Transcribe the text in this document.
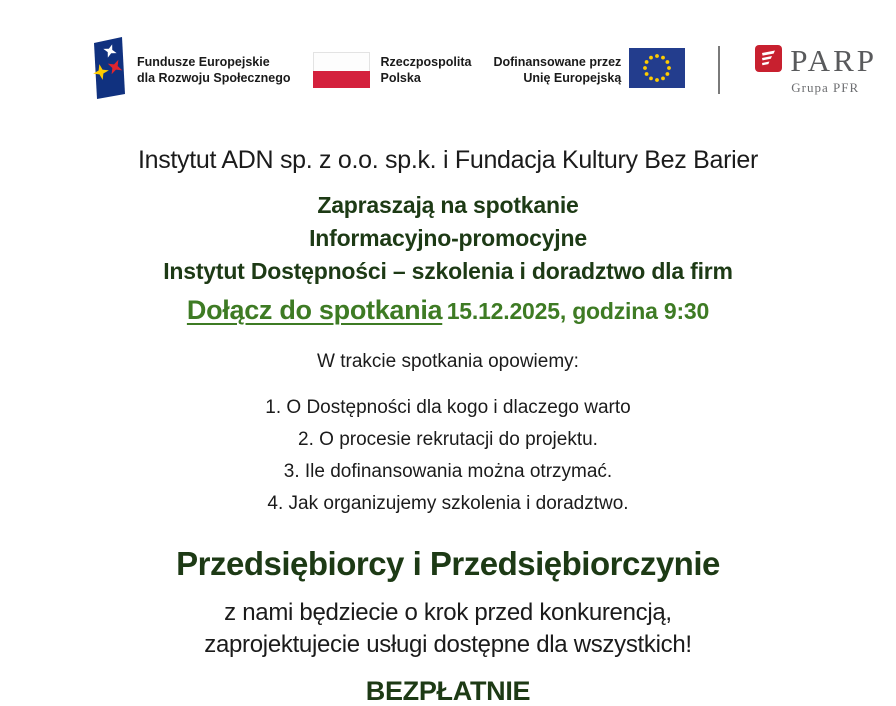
Fundusze Europejskie
dla Rozwoju Społecznego
Rzeczpospolita
Polska
Dofinansowane przez
Unię Europejską	PARP
Grupa PFR
Instytut ADN sp. z o.o. sp.k. i Fundacja Kultury Bez Barier
Zapraszają na spotkanie
Informacyjno-promocyjne
Instytut Dostępności – szkolenia i doradztwo dla firm
Dołącz do spotkania 15.12.2025, godzina 9:30
W trakcie spotkania opowiemy:
1. O Dostępności dla kogo i dlaczego warto
2. O procesie rekrutacji do projektu.
3. Ile dofinansowania można otrzymać.
4. Jak organizujemy szkolenia i doradztwo.
Przedsiębiorcy i Przedsiębiorczynie
z nami będziecie o krok przed konkurencją,
zaprojektujecie usługi dostępne dla wszystkich!
BEZPŁATNIE
